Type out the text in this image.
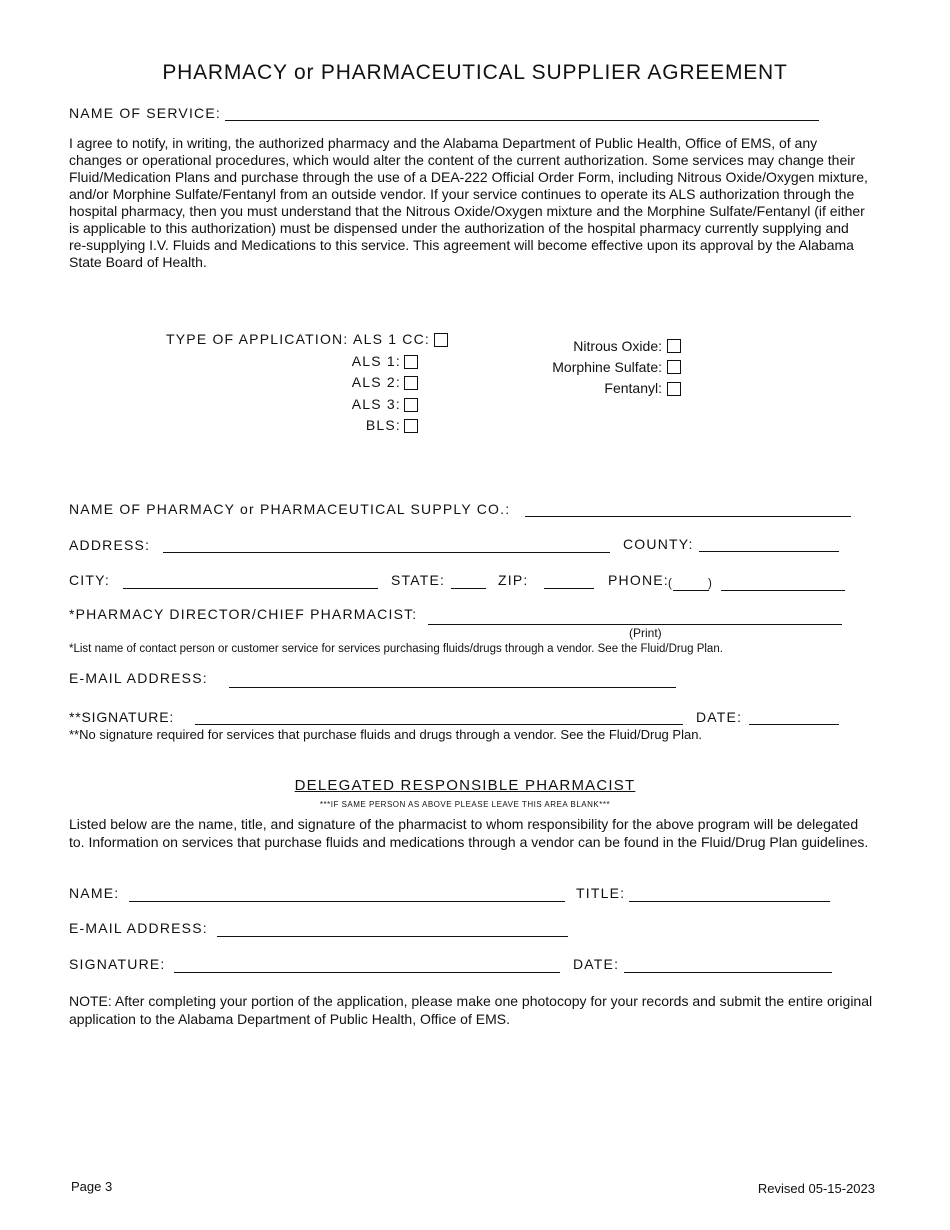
PHARMACY or PHARMACEUTICAL SUPPLIER AGREEMENT
NAME OF SERVICE:
I agree to notify, in writing, the authorized pharmacy and the Alabama Department of Public Health, Office of EMS, of any changes or operational procedures, which would alter the content of the current authorization. Some services may change their Fluid/Medication Plans and purchase through the use of a DEA-222 Official Order Form, including Nitrous Oxide/Oxygen mixture, and/or Morphine Sulfate/Fentanyl from an outside vendor. If your service continues to operate its ALS authorization through the hospital pharmacy, then you must understand that the Nitrous Oxide/Oxygen mixture and the Morphine Sulfate/Fentanyl (if either is applicable to this authorization) must be dispensed under the authorization of the hospital pharmacy currently supplying and re-supplying I.V. Fluids and Medications to this service. This agreement will become effective upon its approval by the Alabama State Board of Health.
TYPE OF APPLICATION: ALS 1 CC:
ALS 1:
ALS 2:
ALS 3:
BLS:
Nitrous Oxide:
Morphine Sulfate:
Fentanyl:
NAME OF PHARMACY or PHARMACEUTICAL SUPPLY CO.:
ADDRESS:	COUNTY:
CITY:	STATE:	ZIP:	PHONE: (	)
*PHARMACY DIRECTOR/CHIEF PHARMACIST:
(Print)
*List name of contact person or customer service for services purchasing fluids/drugs through a vendor. See the Fluid/Drug Plan.
E-MAIL ADDRESS:
**SIGNATURE:	DATE:
**No signature required for services that purchase fluids and drugs through a vendor. See the Fluid/Drug Plan.
DELEGATED RESPONSIBLE PHARMACIST
***IF SAME PERSON AS ABOVE PLEASE LEAVE THIS AREA BLANK***
Listed below are the name, title, and signature of the pharmacist to whom responsibility for the above program will be delegated to. Information on services that purchase fluids and medications through a vendor can be found in the Fluid/Drug Plan guidelines.
NAME:	TITLE:
E-MAIL ADDRESS:
SIGNATURE:	DATE:
NOTE: After completing your portion of the application, please make one photocopy for your records and submit the entire original application to the Alabama Department of Public Health, Office of EMS.
Page 3	Revised 05-15-2023
